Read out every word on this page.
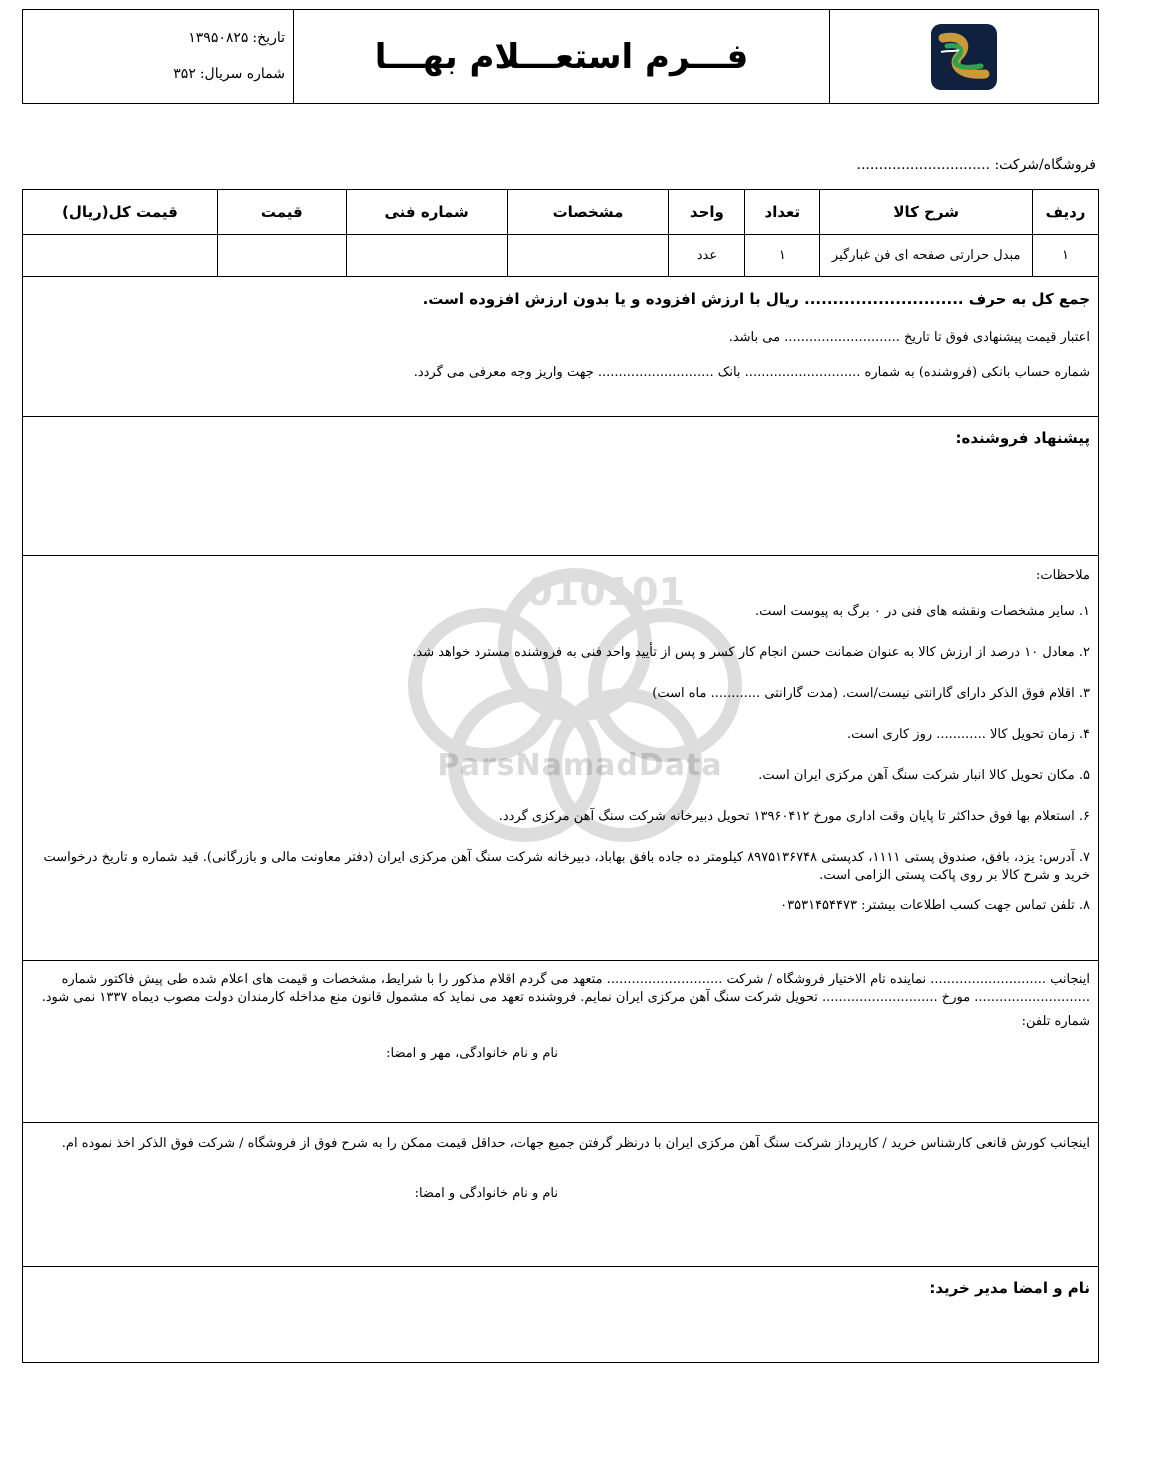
فـــرم استعـــلام بهـــا
تاریخ:
۱۳۹۵۰۸۲۵
شماره سریال:
۳۵۲
فروشگاه/شرکت: ..............................
ردیف	شرح کالا	تعداد	واحد	مشخصات	شماره فنی	قیمت	قیمت کل(ریال)
۱	مبدل حرارتی صفحه ای فن غبارگیر	۱	عدد				
جمع کل به حرف ............................ ریال با ارزش افزوده و یا بدون ارزش افزوده است.
اعتبار قیمت پیشنهادی فوق تا تاریخ ............................ می باشد.
شماره حساب بانکی (فروشنده) به شماره ............................ بانک ............................ جهت واریز وجه معرفی می گردد.
پیشنهاد فروشنده:
ملاحظات:
۱. سایر مشخصات ونقشه های فنی در ۰ برگ به پیوست است.
۲. معادل ۱۰ درصد از ارزش کالا به عنوان ضمانت حسن انجام کار کسر و پس از تأیید واحد فنی به فروشنده مسترد خواهد شد.
۳. اقلام فوق الذکر دارای گارانتی نیست/است. (مدت گارانتی ............ ماه است)
۴. زمان تحویل کالا ............ روز کاری است.
۵. مکان تحویل کالا انبار شرکت سنگ آهن مرکزی ایران است.
۶. استعلام بها فوق حداکثر تا پایان وقت اداری مورخ ۱۳۹۶۰۴۱۲ تحویل دبیرخانه شرکت سنگ آهن مرکزی گردد.
۷. آدرس: یزد، بافق، صندوق پستی ۱۱۱۱، کدپستی ۸۹۷۵۱۳۶۷۴۸ کیلومتر ده جاده بافق بهاباد، دبیرخانه شرکت سنگ آهن مرکزی ایران (دفتر معاونت مالی و بازرگانی). قید شماره و تاریخ درخواست خرید و شرح کالا بر روی پاکت پستی الزامی است.
۸. تلفن تماس جهت کسب اطلاعات بیشتر: ۰۳۵۳۱۴۵۴۴۷۳
010101
ParsNamadData
اینجانب ............................ نماینده تام الاختیار فروشگاه / شرکت ............................ متعهد می گردم اقلام مذکور را با شرایط، مشخصات و قیمت های اعلام شده طی پیش فاکتور شماره ............................ مورخ ............................ تحویل شرکت سنگ آهن مرکزی ایران نمایم. فروشنده تعهد می نماید که مشمول قانون منع مداخله کارمندان دولت مصوب دیماه ۱۳۳۷ نمی شود.
شماره تلفن:
نام و نام خانوادگی، مهر و امضا:
اینجانب کورش قانعی کارشناس خرید / کارپرداز شرکت سنگ آهن مرکزی ایران با درنظر گرفتن جمیع جهات، حداقل قیمت ممکن را به شرح فوق از فروشگاه / شرکت فوق الذکر اخذ نموده ام.
نام و نام خانوادگی و امضا:
نام و امضا مدیر خرید:
